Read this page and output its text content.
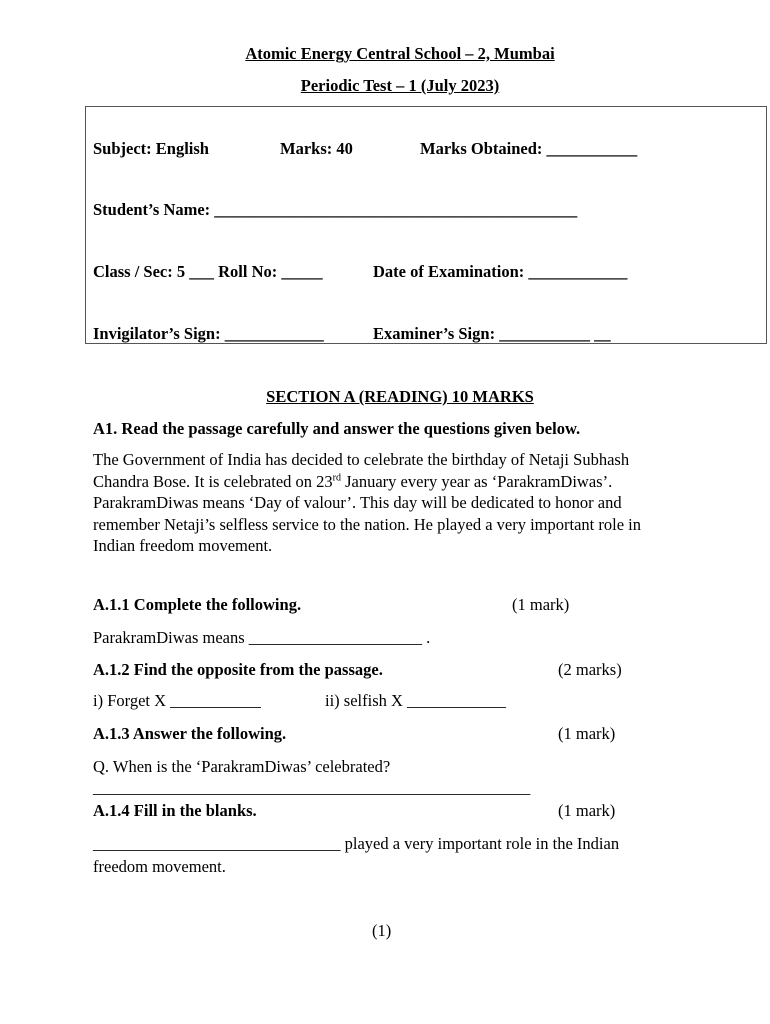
Atomic Energy Central School – 2, Mumbai
Periodic Test – 1 (July 2023)
Subject: English	Marks: 40	Marks Obtained: ___________
Student’s Name: ____________________________________________
Class / Sec: 5 ___ Roll No: _____	Date of Examination: ____________
Invigilator’s Sign: ____________	Examiner’s Sign: ___________ __
SECTION A (READING) 10 MARKS
A1. Read the passage carefully and answer the questions given below.
The Government of India has decided to celebrate the birthday of Netaji Subhash
Chandra Bose. It is celebrated on 23rd January every year as ‘ParakramDiwas’.
ParakramDiwas means ‘Day of valour’. This day will be dedicated to honor and
remember Netaji’s selfless service to the nation. He played a very important role in
Indian freedom movement.
A.1.1 Complete the following.	(1 mark)
ParakramDiwas means _____________________ .
A.1.2 Find the opposite from the passage.	(2 marks)
i) Forget X ___________	ii) selfish X ____________
A.1.3 Answer the following.	(1 mark)
Q. When is the ‘ParakramDiwas’ celebrated?
_____________________________________________________
A.1.4 Fill in the blanks.	(1 mark)
______________________________ played a very important role in the Indian
freedom movement.
(1)
